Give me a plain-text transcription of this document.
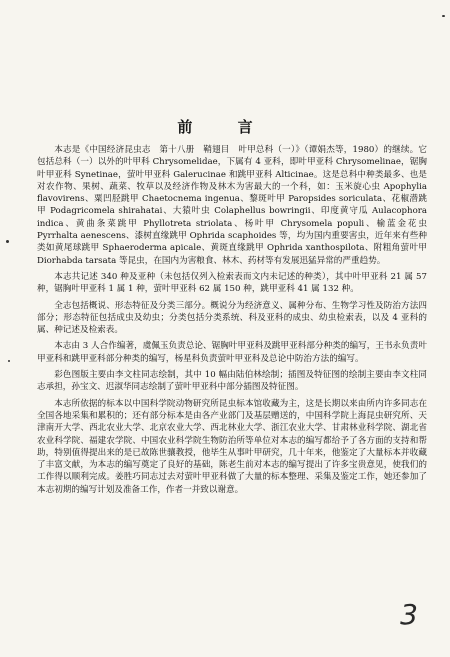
前 言

本志是《中国经济昆虫志　第十八册　鞘翅目　叶甲总科（一）》（谭娟杰等，1980）的继续。它包括总科（一）以外的叶甲科 Chrysomelidae，下属有 4 亚科，即叶甲亚科 Chrysomelinae，锯胸叶甲亚科 Synetinae，萤叶甲亚科 Galerucinae 和跳甲亚科 Alticinae。这是总科中种类最多、也是对农作物、果树、蔬菜、牧草以及经济作物及林木为害最大的一个科，如：玉米旋心虫 Apophylia flavovirens、粟凹胫跳甲 Chaetocnema ingenua、黎斑叶甲 Paropsides soriculata、花椒潜跳甲 Podagricomela shirahatai、大猿叶虫 Colaphellus bowringii、印度黄守瓜 Aulacophora indica、黄曲条菜跳甲 Phyllotreta striolata、杨叶甲 Chrysomela populi、榆蓝金花虫 Pyrrhalta aenescens、漆树直缘跳甲 Ophrida scaphoides 等，均为国内重要害虫，近年来有些种类如黄尾球跳甲 Sphaeroderma apicale、黄斑直缘跳甲 Ophrida xanthospilota、附粗角萤叶甲 Diorhabda tarsata 等昆虫，在国内为害粮食、林木、药材等有发展迅猛异常的严重趋势。

本志共记述 340 种及亚种（未包括仅列入检索表而文内未记述的种类），其中叶甲亚科 21 属 57 种，锯胸叶甲亚科 1 属 1 种，萤叶甲亚科 62 属 150 种，跳甲亚科 41 属 132 种。

全志包括概说、形态特征及分类三部分。概说分为经济意义、属种分布、生物学习性及防治方法四部分；形态特征包括成虫及幼虫；分类包括分类系统、科及亚科的成虫、幼虫检索表，以及 4 亚科的属、种记述及检索表。

本志由 3 人合作编著，虞佩玉负责总论、锯胸叶甲亚科及跳甲亚科部分种类的编写，王书永负责叶甲亚科和跳甲亚科部分种类的编写，杨星科负责萤叶甲亚科及总论中防治方法的编写。

彩色图版主要由李文柱同志绘制，其中 10 幅由陆伯林绘制；插图及特征图的绘制主要由李文柱同志承担，孙宝文、迟淑华同志绘制了萤叶甲亚科中部分插图及特征图。

本志所依据的标本以中国科学院动物研究所昆虫标本馆收藏为主，这是长期以来由所内许多同志在全国各地采集和累积的；还有部分标本是由各产业部门及基层赠送的，中国科学院上海昆虫研究所、天津南开大学、西北农业大学、北京农业大学、西北林业大学、浙江农业大学、甘肃林业科学院、湖北省农业科学院、福建农学院、中国农业科学院生物防治所等单位对本志的编写都给予了各方面的支持和帮助，特别值得提出来的是已故陈世骧教授，他毕生从事叶甲研究，几十年来，他鉴定了大量标本并收藏了丰富文献，为本志的编写奠定了良好的基础，陈老生前对本志的编写提出了许多宝贵意见，使我们的工作得以顺利完成。姜胜巧同志过去对萤叶甲亚科做了大量的标本整理、采集及鉴定工作，她还参加了本志初期的编写计划及准备工作，作者一并致以谢意。

3
